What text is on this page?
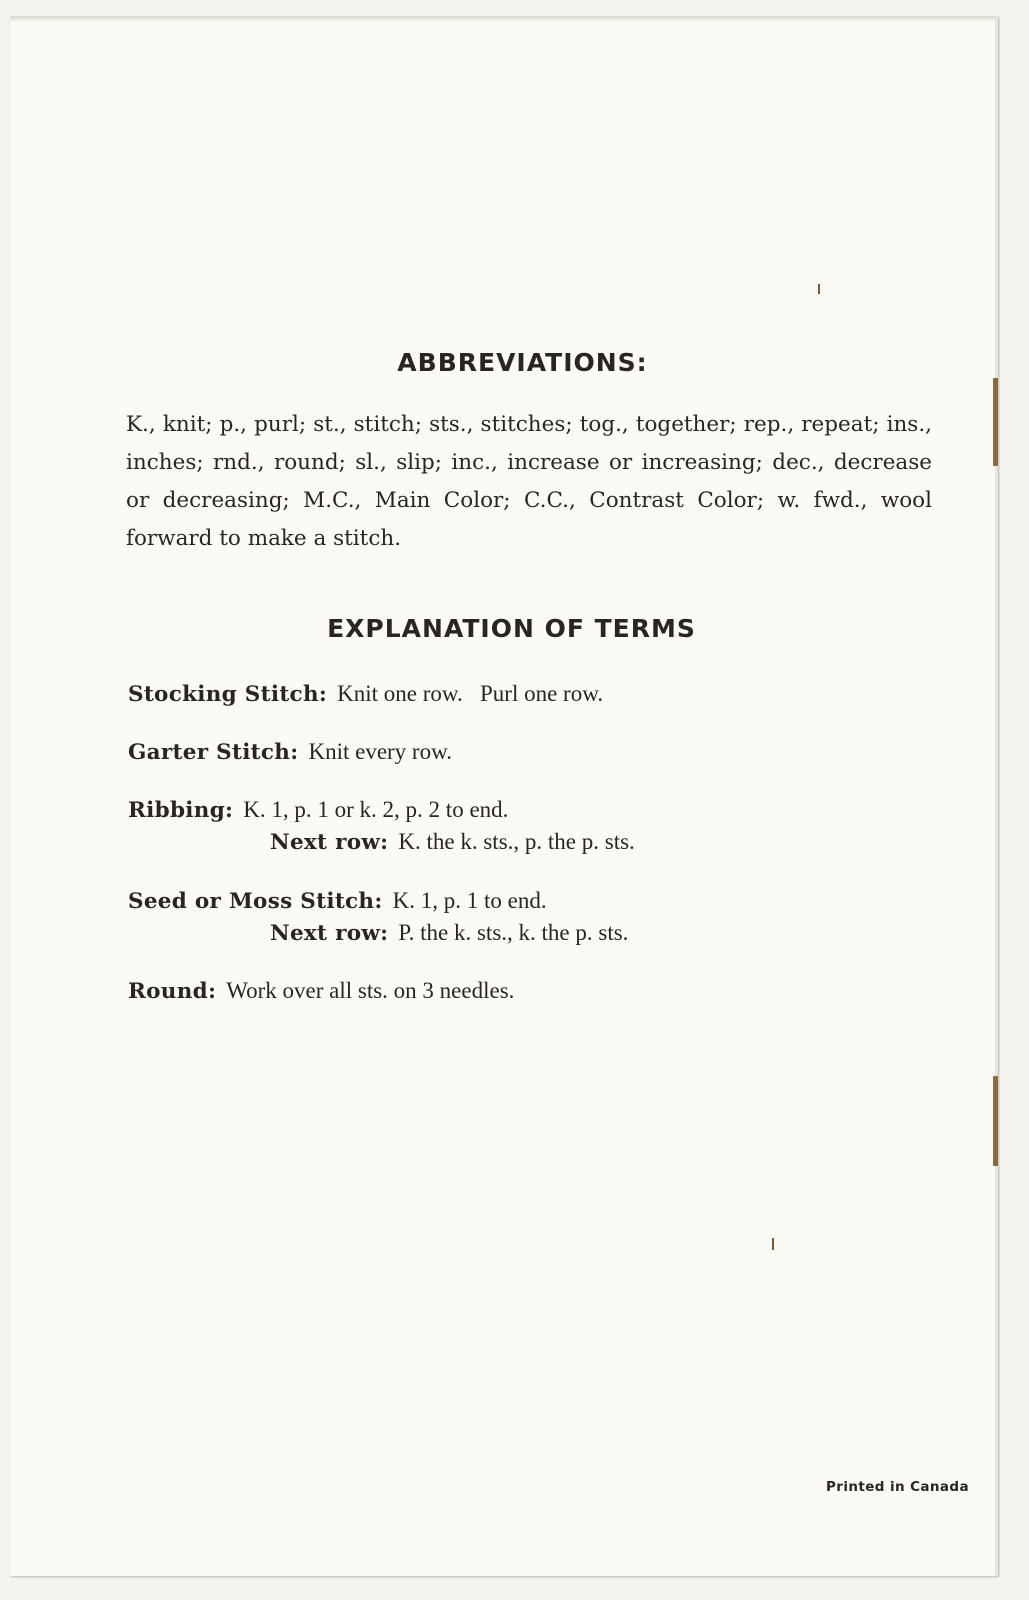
ABBREVIATIONS:
K., knit; p., purl; st., stitch; sts., stitches; tog., together; rep., repeat; ins., inches; rnd., round; sl., slip; inc., increase or increasing; dec., decrease or decreasing; M.C., Main Color; C.C., Contrast Color; w. fwd., wool forward to make a stitch.
EXPLANATION OF TERMS
Stocking Stitch: Knit one row.   Purl one row.
Garter Stitch: Knit every row.
Ribbing: K. 1, p. 1 or k. 2, p. 2 to end.
Next row: K. the k. sts., p. the p. sts.
Seed or Moss Stitch: K. 1, p. 1 to end.
Next row: P. the k. sts., k. the p. sts.
Round: Work over all sts. on 3 needles.
Printed in Canada
